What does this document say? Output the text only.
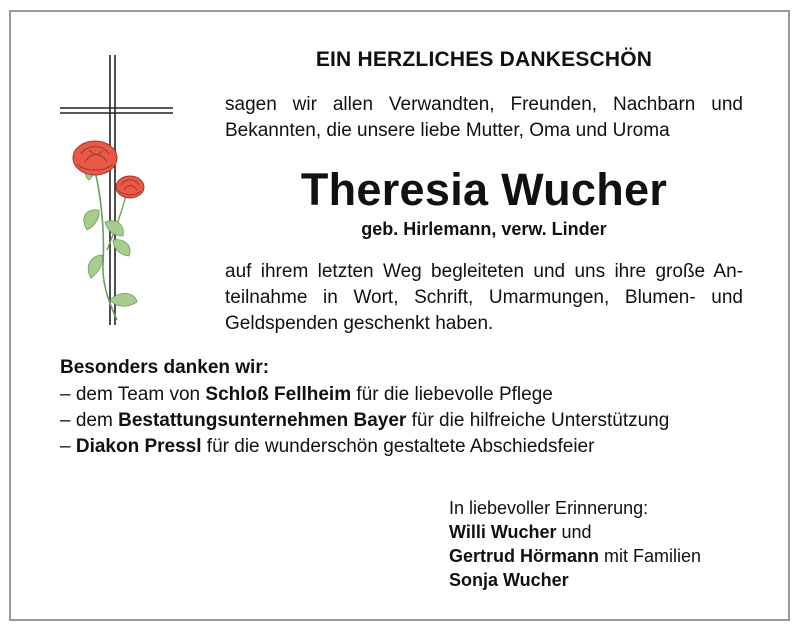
EIN HERZLICHES DANKESCHÖN
sagen wir allen Verwandten, Freunden, Nachbarn und Bekannten, die unsere liebe Mutter, Oma und Uroma
Theresia Wucher
geb. Hirlemann, verw. Linder
auf ihrem letzten Weg begleiteten und uns ihre große An-
teilnahme in Wort, Schrift, Umarmungen, Blumen- und
Geldspenden geschenkt haben.
Besonders danken wir:
– dem Team von Schloß Fellheim für die liebevolle Pflege
– dem Bestattungsunternehmen Bayer für die hilfreiche Unterstützung
– Diakon Pressl für die wunderschön gestaltete Abschiedsfeier
In liebevoller Erinnerung:
Willi Wucher und
Gertrud Hörmann mit Familien
Sonja Wucher
